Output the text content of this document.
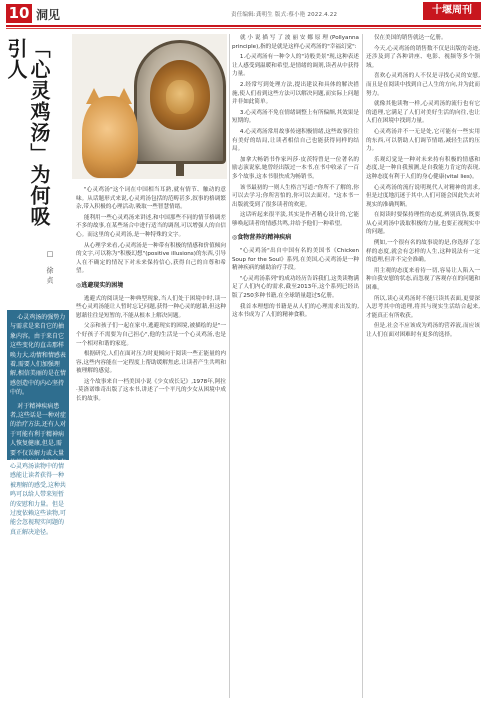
10 洞见	责任编辑:龚明生 版式:蔡小艳 2022.4.22	十堰周刊
「心灵鸡汤」为何吸引人
□ 徐贞

心灵鸡汤的强势力与需求是来自它的抽象内容。由于来自它这些变化的直击那样唤力大,动情和情感表着,需要人们加强理解,相信美丽的是在情感创造中的内心坚持中的。

对于精神疾病患者,这些话是一种对症的治疗方法,还有人对于可能有利于精神病人恢复健康,但是,需要不仅误解力或大量

心灵鸡汤读物中的情感能让读者获得一种被理解的感受,这种共鸣可以给人带来短暂的安慰和力量。但是过度依赖这些读物,可能会忽视现实问题的真正解决途径。

"心灵鸡汤"这个词在中国相当耳熟,就有情节、触动的意味。从话题形式来说,心灵鸡汤包括的范畴甚多,叙事的格调繁杂,带入积极的心理活动,吸取一些智慧情绪。

能利用一些心灵鸡汤来讲述,和中国那些不同的情节格调差不多的故事,在某些场合中进行适当的调剂,可以增强人的自信心。而这里的心灵鸡汤,是一种特殊的文字。

从心理学来看,心灵鸡汤是一种带有积极的情感和价值倾向的文字,可以称为"积极幻想"(positive illusions)的东西,引导人在不确定的情况下对未来保持信心,获得自己的自尊和希望。

◎逃避现实的困境

逃避式的阅读是一种典型现象,当人们处于困境中时,读一些心灵鸡汤能让人暂时忘记问题,获得一种心灵的慰藉,但这种慰藉往往是短暂的,不能从根本上解决问题。

父亲和孩子们一起在家中,逃避现实的困境,被描绘的是"一个好孩子不需要为自己担心",他的生活是一个心灵鸡汤,也是一个相对和谐的家庭。

根据研究,人们在面对压力时更倾向于阅读一些正能量的内容,这些内容能在一定程度上帮助缓解焦虑,让读者产生共鸣和被理解的感觉。

这个故事来自一档美国小说《少女成长记》,1978年,阿拉·莫洛诺维奇出版了这本书,讲述了一个平凡的少女从困境中成长的故事。

就小说描写了波丽安娜原理(Pollyanna principle),指的是就是这样心灵鸡汤的"幸福幻觉":

1.心灵鸡汤有一种令人的"诗般美景"现,这种表述让人感受到温暖和希望,是情绪的调剂,读者从中获得力量。

2.经常写到处理方法,提出建议和具体的解决措施,使人们看到这些方法可以解决问题,而实际上问题并非如此简单。

3.心灵鸡汤不免在情绪调整上有所偏颇,其效果是短期的。

4.心灵鸡汤常用故事传递积极情绪,这些故事往往有美好的结局,让读者相信自己也能获得同样的结局。

加拿大畅销书作家玛莎·皮茨特曾是一位著名的励志演说家,她曾经出版过一本书,在书中收录了一百多个故事,这本书很快成为畅销书。

该书最初的一则人生格言写道:"你所不了解的,你可以去学习;你所害怕的,你可以去面对。"这本书一出版就受到了很多读者的欢迎。

这话听起来很平淡,其实是作者精心设计的,它能够唤起读者的情感共鸣,并给予他们一种希望。

◎食物营养的精神疾病

"心灵鸡汤"出自中国有名的美国书《Chicken Soup for the Soul》系列,在美国,心灵鸡汤是一种精神疾病的辅助治疗手段。

"心灵鸡汤系列"的成功经历告诉我们,这类读物满足了人们内心的需求,截至2013年,这个系列已经出版了250多种书籍,在全球销量超过5亿册。

我首本理想的书籍是从人们的心理需求出发的,这本书成为了人们的精神食粮。

仅在美国的销售就达一亿册。

今天,心灵鸡汤的销售数不仅是出版的奇迹,还涉及到了各种讲座、电影、视频等多个领域。

喜欢心灵鸡汤的人不仅是寻找心灵的安慰,而且是在阅读中找到自己人生的方向,并为此而努力。

就像其他读物一样,心灵鸡汤的流行也有它的道理,它满足了人们对美好生活的向往,也让人们在困境中找到力量。

心灵鸡汤并不一无是处,它可能有一些实用的东西,可以帮助人们调节情绪,减轻生活的压力。

乐观幻觉是一种对未来持有积极的情感和态度,是一种自我预测,是自我能力肯定的表现,这种态度有利于人们的身心健康(vital lies)。

心灵鸡汤的流行说明现代人对精神的需求,但是过度地沉迷于其中,人们可能会因此失去对现实的准确判断。

在阅读时要保持理性的态度,辨别真伪,既要从心灵鸡汤中汲取积极的力量,也要正视现实中的问题。

例如,一个很有名的故事说的是,你选择了怎样的态度,就会有怎样的人生,这种说法有一定的道理,但并不完全准确。

用主观的态度来看待一切,容易让人陷入一种自我安慰的状态,而忽视了客观存在的问题和困难。

所以,读心灵鸡汤时不能只读其表面,更要深入思考其中的道理,将其与现实生活结合起来,才能真正有所收获。

但是,社会不应该成为鸡汤的营养液,而应该让人们在面对困难时有更多的选择。
